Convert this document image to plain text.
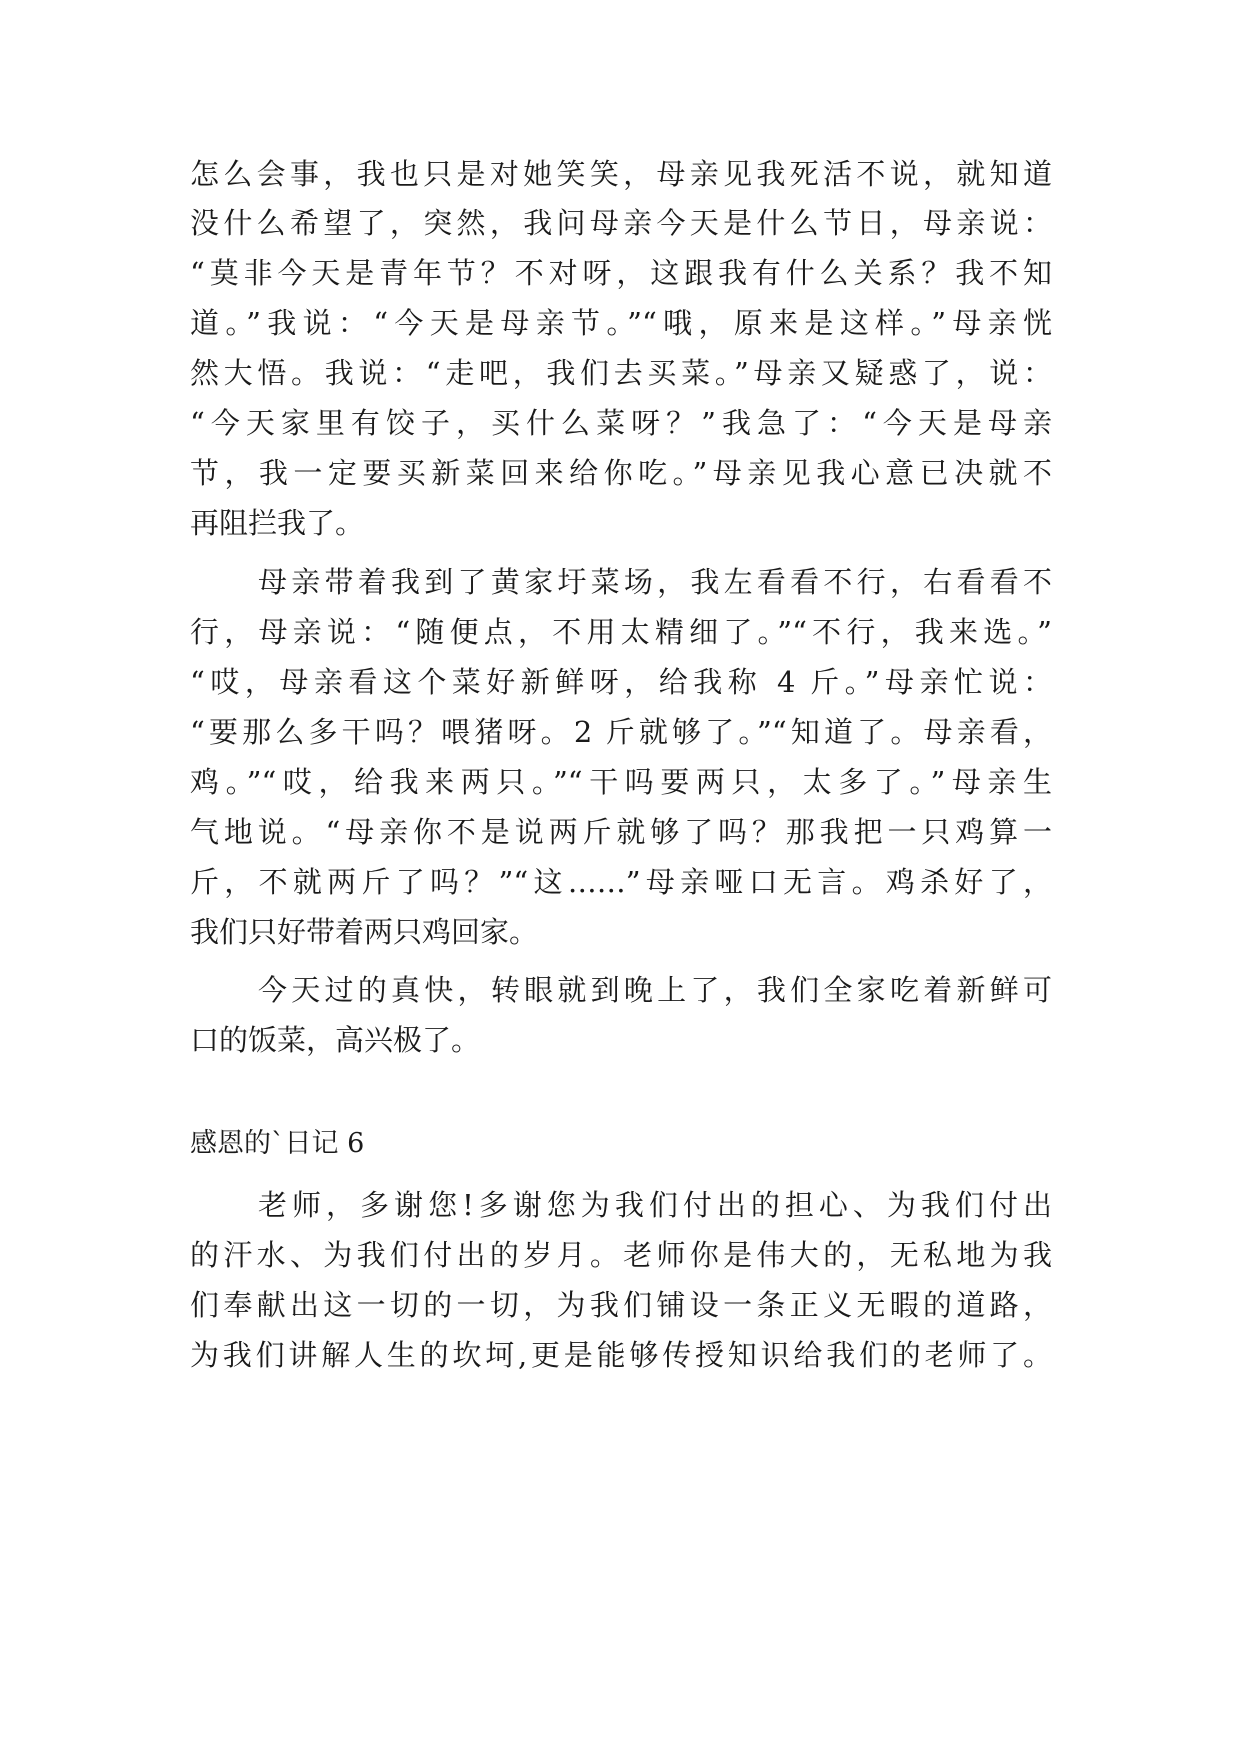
怎么会事，我也只是对她笑笑，母亲见我死活不说，就知道
没什么希望了，突然，我问母亲今天是什么节日，母亲说：
“莫非今天是青年节？不对呀，这跟我有什么关系？我不知
道。”我说：“今天是母亲节。”“哦，原来是这样。”母亲恍
然大悟。我说：“走吧，我们去买菜。”母亲又疑惑了，说：
“今天家里有饺子，买什么菜呀？”我急了：“今天是母亲
节，我一定要买新菜回来给你吃。”母亲见我心意已决就不
再阻拦我了。
母亲带着我到了黄家圩菜场，我左看看不行，右看看不
行，母亲说：“随便点，不用太精细了。”“不行，我来选。”
“哎，母亲看这个菜好新鲜呀，给我称 4 斤。”母亲忙说：
“要那么多干吗？喂猪呀。2 斤就够了。”“知道了。母亲看，
鸡。”“哎，给我来两只。”“干吗要两只，太多了。”母亲生
气地说。“母亲你不是说两斤就够了吗？那我把一只鸡算一
斤，不就两斤了吗？”“这……”母亲哑口无言。鸡杀好了，
我们只好带着两只鸡回家。
今天过的真快，转眼就到晚上了，我们全家吃着新鲜可
口的饭菜，高兴极了。
感恩的`日记 6
老师，多谢您!多谢您为我们付出的担心、为我们付出
的汗水、为我们付出的岁月。老师你是伟大的，无私地为我
们奉献出这一切的一切，为我们铺设一条正义无暇的道路，
为我们讲解人生的坎坷,更是能够传授知识给我们的老师了。
